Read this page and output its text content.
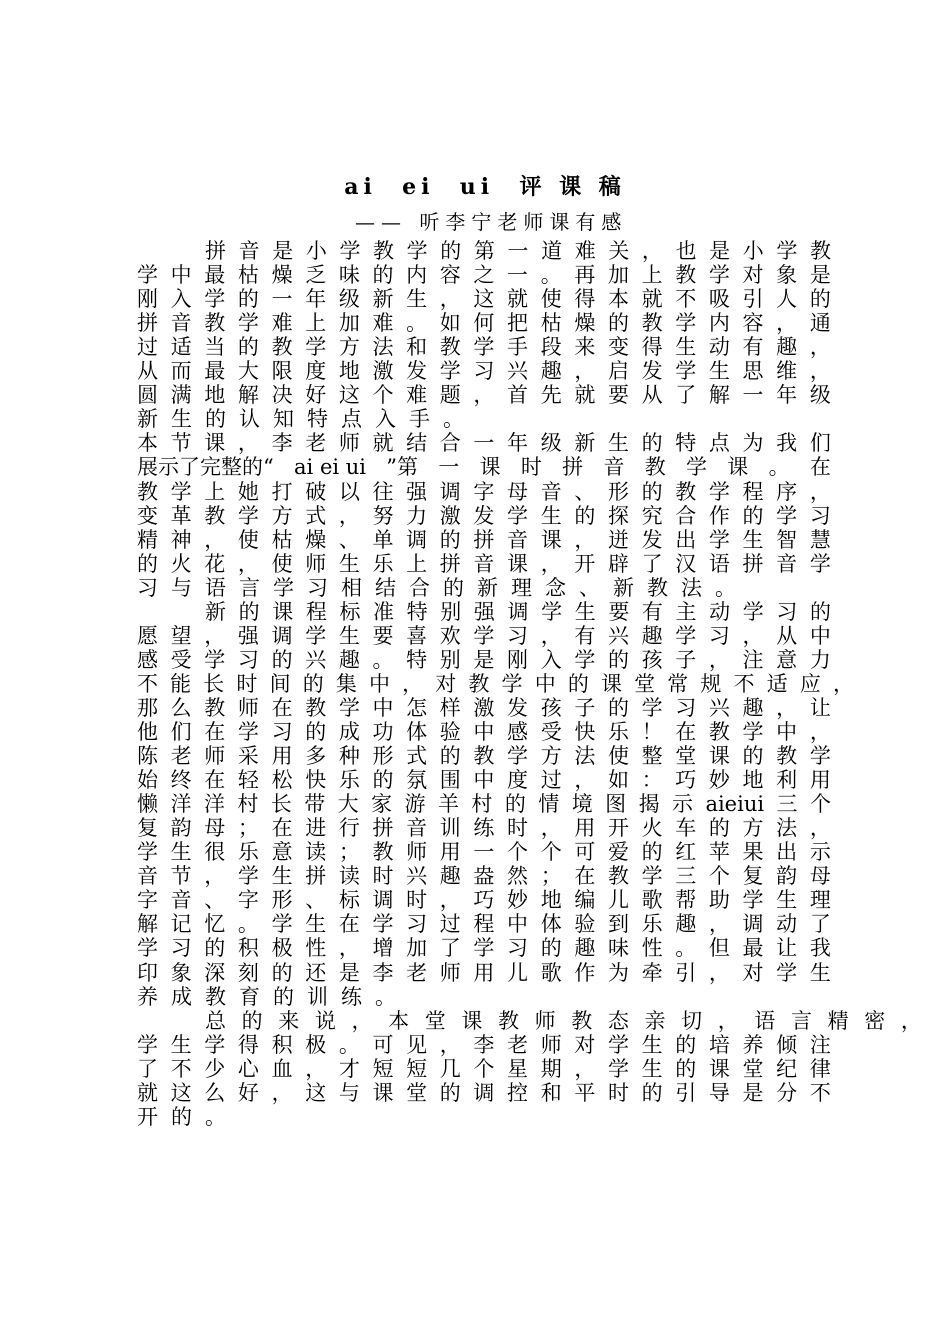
ai  ei  ui  评 课 稿
—— 听李宁老师课有感
拼 音 是 小 学 教 学 的 第 一 道 难 关 ， 也 是 小 学 教
学 中 最 枯 燥 乏 味 的 内 容 之 一 。 再 加 上 教 学 对 象 是
刚 入 学 的 一 年 级 新 生 ， 这 就 使 得 本 就 不 吸 引 人 的
拼 音 教 学 难 上 加 难 。 如 何 把 枯 燥 的 教 学 内 容 ， 通
过 适 当 的 教 学 方 法 和 教 学 手 段 来 变 得 生 动 有 趣 ，
从 而 最 大 限 度 地 激 发 学 习 兴 趣 ， 启 发 学 生 思 维 ，
圆 满 地 解 决 好 这 个 难 题 ， 首 先 就 要 从 了 解 一 年 级
新 生 的 认 知 特 点 入 手 。
本 节 课 ， 李 老 师 就 结 合 一 年 级 新 生 的 特 点 为 我 们
展示了完整的“ ai ei ui ”第 一 课 时 拼 音 教 学 课 。 在
教 学 上 她 打 破 以 往 强 调 字 母 音 、 形 的 教 学 程 序 ，
变 革 教 学 方 式 ， 努 力 激 发 学 生 的 探 究 合 作 的 学 习
精 神 ， 使 枯 燥 、 单 调 的 拼 音 课 ， 迸 发 出 学 生 智 慧
的 火 花 ， 使 师 生 乐 上 拼 音 课 ， 开 辟 了 汉 语 拼 音 学
习 与 语 言 学 习 相 结 合 的 新 理 念 、 新 教 法 。
新 的 课 程 标 准 特 别 强 调 学 生 要 有 主 动 学 习 的
愿 望 ， 强 调 学 生 要 喜 欢 学 习 ， 有 兴 趣 学 习 ， 从 中
感 受 学 习 的 兴 趣 。 特 别 是 刚 入 学 的 孩 子 ， 注 意 力
不 能 长 时 间 的 集 中 ， 对 教 学 中 的 课 堂 常 规 不 适 应 ，
那 么 教 师 在 教 学 中 怎 样 激 发 孩 子 的 学 习 兴 趣 ， 让
他 们 在 学 习 的 成 功 体 验 中 感 受 快 乐 ！ 在 教 学 中 ，
陈 老 师 采 用 多 种 形 式 的 教 学 方 法 使 整 堂 课 的 教 学
始 终 在 轻 松 快 乐 的 氛 围 中 度 过 ， 如 ： 巧 妙 地 利 用
懒 洋 洋 村 长 带 大 家 游 羊 村 的 情 境 图 揭 示 aieiui 三 个
复 韵 母 ； 在 进 行 拼 音 训 练 时 ， 用 开 火 车 的 方 法 ，
学 生 很 乐 意 读 ； 教 师 用 一 个 个 可 爱 的 红 苹 果 出 示
音 节 ， 学 生 拼 读 时 兴 趣 盎 然 ； 在 教 学 三 个 复 韵 母
字 音 、 字 形 、 标 调 时 ， 巧 妙 地 编 儿 歌 帮 助 学 生 理
解 记 忆 。 学 生 在 学 习 过 程 中 体 验 到 乐 趣 ， 调 动 了
学 习 的 积 极 性 ， 增 加 了 学 习 的 趣 味 性 。 但 最 让 我
印 象 深 刻 的 还 是 李 老 师 用 儿 歌 作 为 牵 引 ， 对 学 生
养 成 教 育 的 训 练 。
总 的 来 说 ， 本 堂 课 教 师 教 态 亲 切 ， 语 言 精 密 ，
学 生 学 得 积 极 。 可 见 ， 李 老 师 对 学 生 的 培 养 倾 注
了 不 少 心 血 ， 才 短 短 几 个 星 期 ， 学 生 的 课 堂 纪 律
就 这 么 好 ， 这 与 课 堂 的 调 控 和 平 时 的 引 导 是 分 不
开 的 。
